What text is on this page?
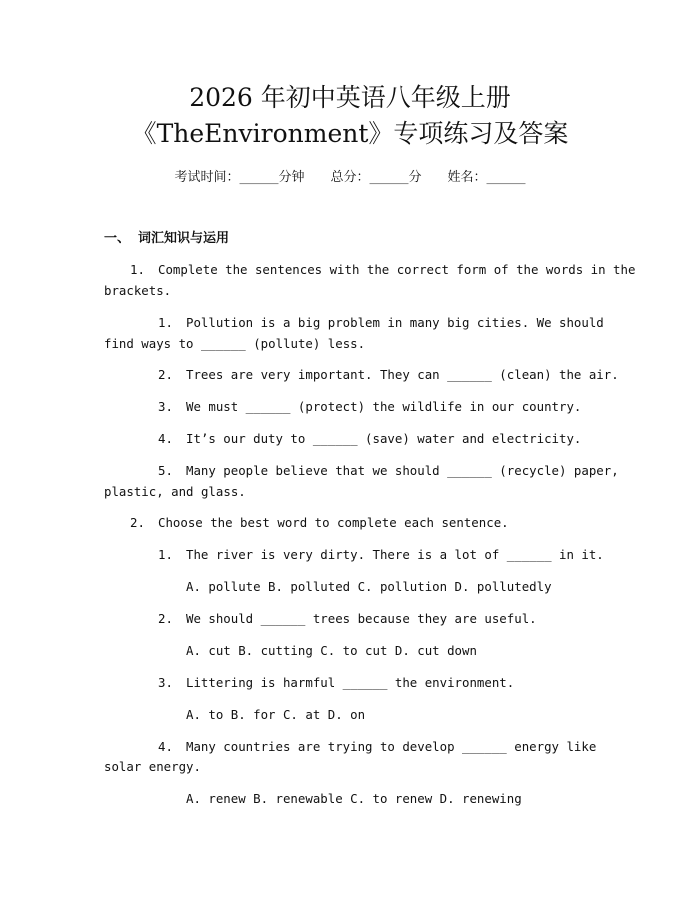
2026 年初中英语八年级上册
《TheEnvironment》专项练习及答案
考试时间：______分钟 总分：______分 姓名：______
一、 词汇知识与运用
1. Complete the sentences with the correct form of the words in the
brackets.
1. Pollution is a big problem in many big cities. We should
find ways to ______ (pollute) less.
2. Trees are very important. They can ______ (clean) the air.
3. We must ______ (protect) the wildlife in our country.
4. It’s our duty to ______ (save) water and electricity.
5. Many people believe that we should ______ (recycle) paper,
plastic, and glass.
2. Choose the best word to complete each sentence.
1. The river is very dirty. There is a lot of ______ in it.
A. pollute B. polluted C. pollution D. pollutedly
2. We should ______ trees because they are useful.
A. cut B. cutting C. to cut D. cut down
3. Littering is harmful ______ the environment.
A. to B. for C. at D. on
4. Many countries are trying to develop ______ energy like
solar energy.
A. renew B. renewable C. to renew D. renewing
